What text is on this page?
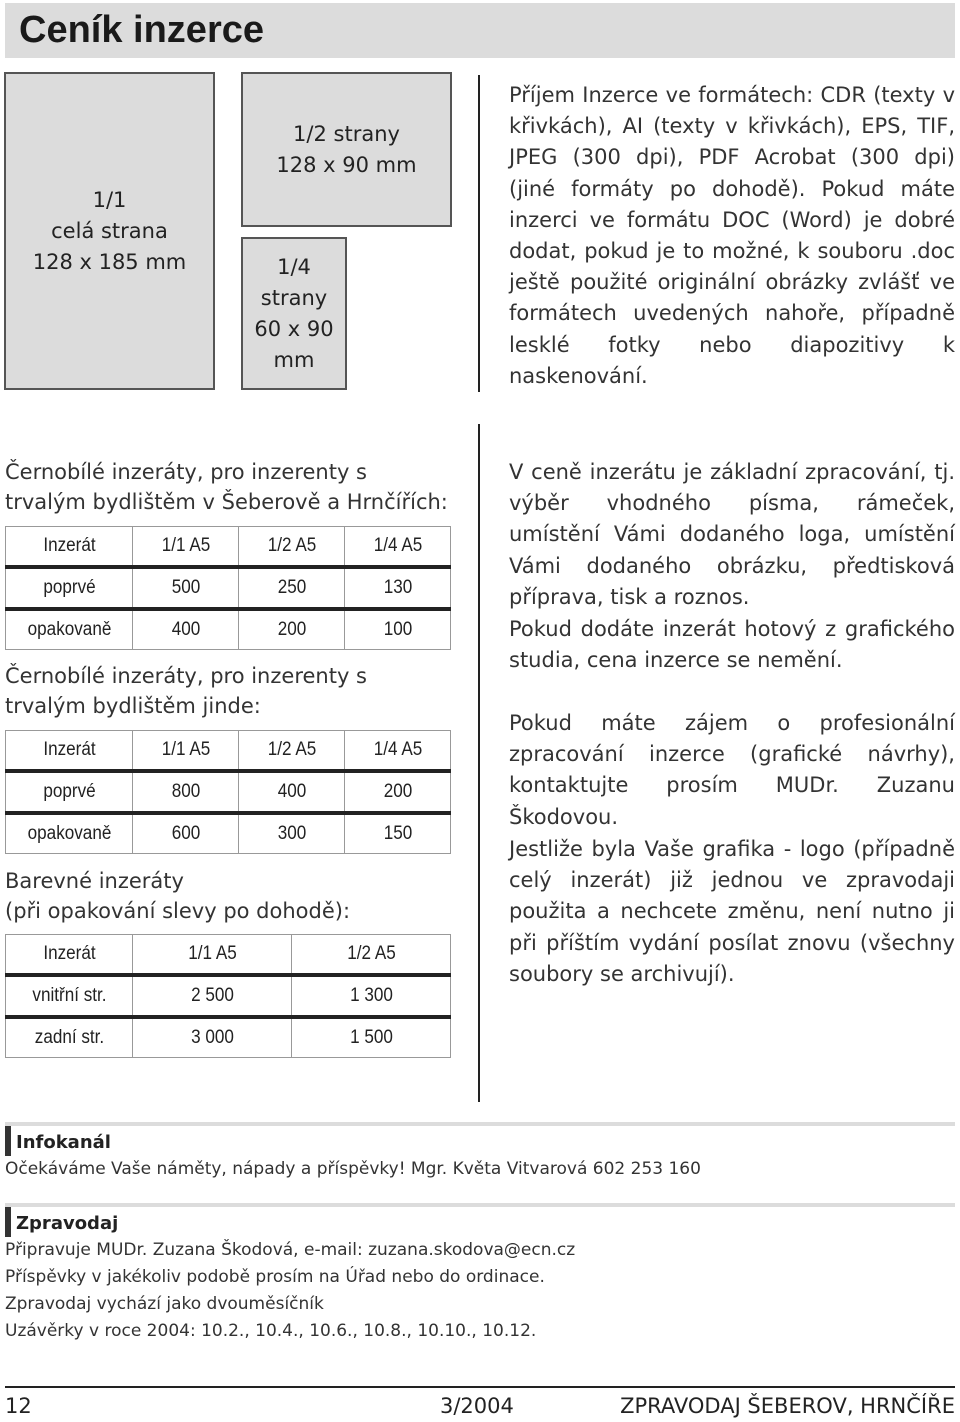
Ceník inzerce
1/1
celá strana
128 x 185 mm
1/2 strany
128 x 90 mm
1/4
strany
60 x 90
mm

Příjem Inzerce ve formátech: CDR (texty v křivkách), AI (texty v křivkách), EPS, TIF, JPEG (300 dpi), PDF Acrobat (300 dpi) (jiné formáty po dohodě). Pokud máte inzerci ve formátu DOC (Word) je dobré dodat, pokud je to možné, k souboru .doc ještě použité originální obrázky zvlášť ve formátech uvedených nahoře, případně lesklé fotky nebo diapozitivy k naskenování.

Černobílé inzeráty, pro inzerenty s trvalým bydlištěm v Šeberově a Hrnčířích:

Inzerát	1/1 A5	1/2 A5	1/4 A5
poprvé	500	250	130
opakovaně	400	200	100

Černobílé inzeráty, pro inzerenty s trvalým bydlištěm jinde:

Inzerát	1/1 A5	1/2 A5	1/4 A5
poprvé	800	400	200
opakovaně	600	300	150

Barevné inzeráty
(při opakování slevy po dohodě):

Inzerát	1/1 A5	1/2 A5
vnitřní str.	2 500	1 300
zadní str.	3 000	1 500

V ceně inzerátu je základní zpracování, tj. výběr vhodného písma, rámeček, umístění Vámi dodaného loga, umístění Vámi dodaného obrázku, předtisková příprava, tisk a roznos.

Pokud dodáte inzerát hotový z grafického studia, cena inzerce se nemění.

Pokud máte zájem o profesionální zpracování inzerce (grafické návrhy), kontaktujte prosím MUDr. Zuzanu Škodovou.

Jestliže byla Vaše grafika - logo (případně celý inzerát) již jednou ve zpravodaji použita a nechcete změnu, není nutno ji při příštím vydání posílat znovu (všechny soubory se archivují).

Infokanál

Očekáváme Vaše náměty, nápady a příspěvky! Mgr. Květa Vitvarová 602 253 160

Zpravodaj

Připravuje MUDr. Zuzana Škodová, e-mail: zuzana.skodova@ecn.cz

Příspěvky v jakékoliv podobě prosím na Úřad nebo do ordinace.

Zpravodaj vychází jako dvouměsíčník

Uzávěrky v roce 2004: 10.2., 10.4., 10.6., 10.8., 10.10., 10.12.

12	3/2004	ZPRAVODAJ ŠEBEROV, HRNČÍŘE
